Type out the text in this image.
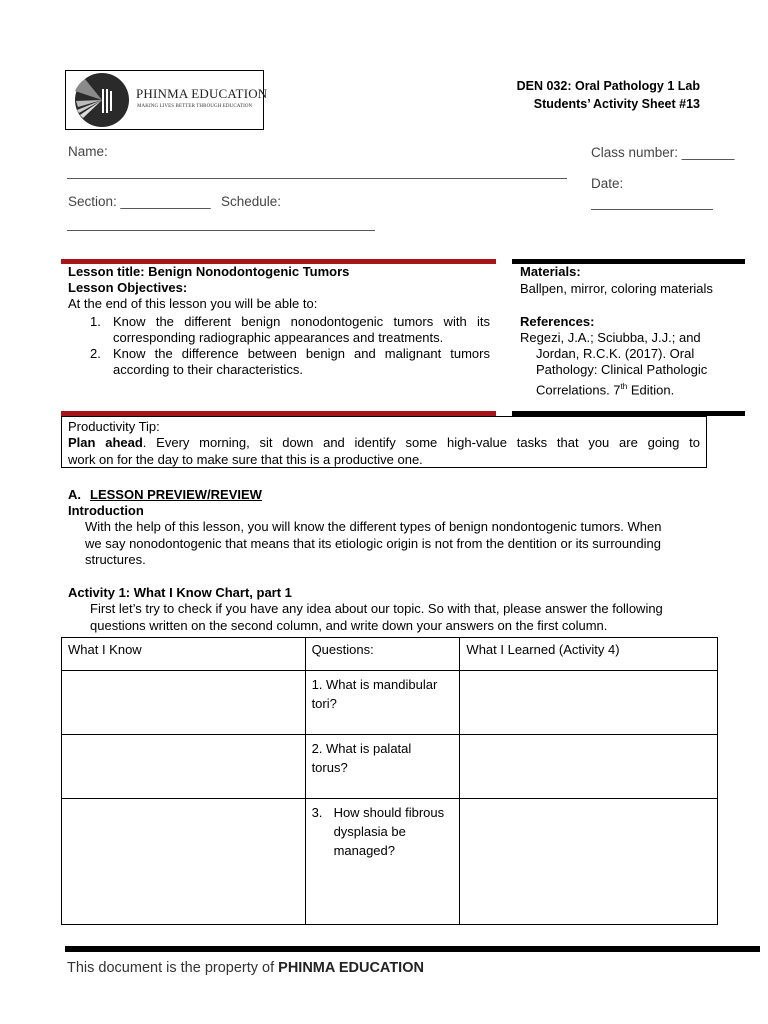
PHINMA EDUCATION
MAKING LIVES BETTER THROUGH EDUCATION
DEN 032: Oral Pathology 1 Lab
Students’ Activity Sheet #13
Name:
Section: ____________ Schedule:
Class number: _______
Date:
Lesson title: Benign Nonodontogenic Tumors
Lesson Objectives:
At the end of this lesson you will be able to:
1. Know the different benign nonodontogenic tumors with its
corresponding radiographic appearances and treatments.
2. Know the difference between benign and malignant tumors
according to their characteristics.
Materials:
Ballpen, mirror, coloring materials
References:
Regezi, J.A.; Sciubba, J.J.; and
Jordan, R.C.K. (2017). Oral
Pathology: Clinical Pathologic
Correlations. 7th Edition.
Productivity Tip:
Plan ahead. Every morning, sit down and identify some high-value tasks that you are going to
work on for the day to make sure that this is a productive one.
A. LESSON PREVIEW/REVIEW
Introduction
With the help of this lesson, you will know the different types of benign nondontogenic tumors. When
we say nonodontogenic that means that its etiologic origin is not from the dentition or its surrounding
structures.
Activity 1: What I Know Chart, part 1
First let’s try to check if you have any idea about our topic. So with that, please answer the following
questions written on the second column, and write down your answers on the first column.
What I Know	Questions:	What I Learned (Activity 4)

	1. What is mandibular
tori?	

	2. What is palatal
torus?	

	3. How should fibrous
dysplasia be
managed?	

This document is the property of PHINMA EDUCATION
